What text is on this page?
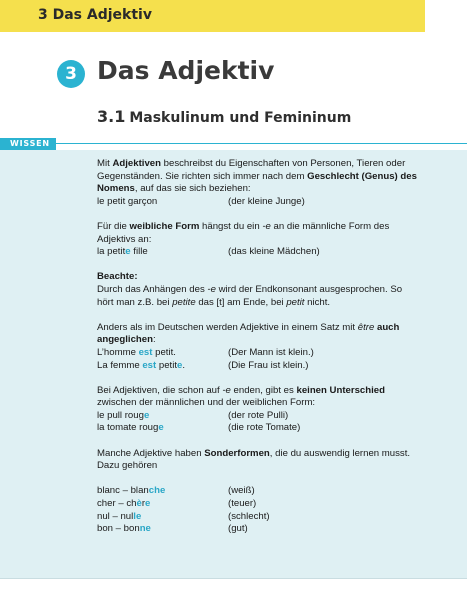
3 Das Adjektiv
3 Das Adjektiv
3.1 Maskulinum und Femininum
WISSEN

Mit Adjektiven beschreibst du Eigenschaften von Personen, Tieren oder Gegenständen. Sie richten sich immer nach dem Geschlecht (Genus) des Nomens, auf das sie sich beziehen:

le petit garçon	(der kleine Junge)

Für die weibliche Form hängst du ein -e an die männliche Form des Adjektivs an:

la petite fille	(das kleine Mädchen)

Beachte:

Durch das Anhängen des -e wird der Endkonsonant ausgesprochen. So hört man z.B. bei petite das [t] am Ende, bei petit nicht.

Anders als im Deutschen werden Adjektive in einem Satz mit être auch angeglichen:

L’homme est petit.	(Der Mann ist klein.)
La femme est petite.	(Die Frau ist klein.)

Bei Adjektiven, die schon auf -e enden, gibt es keinen Unterschied zwischen der männlichen und der weiblichen Form:

le pull rouge	(der rote Pulli)
la tomate rouge	(die rote Tomate)

Manche Adjektive haben Sonderformen, die du auswendig lernen musst. Dazu gehören

blanc – blanche	(weiß)
cher – chère	(teuer)
nul – nulle	(schlecht)
bon – bonne	(gut)
